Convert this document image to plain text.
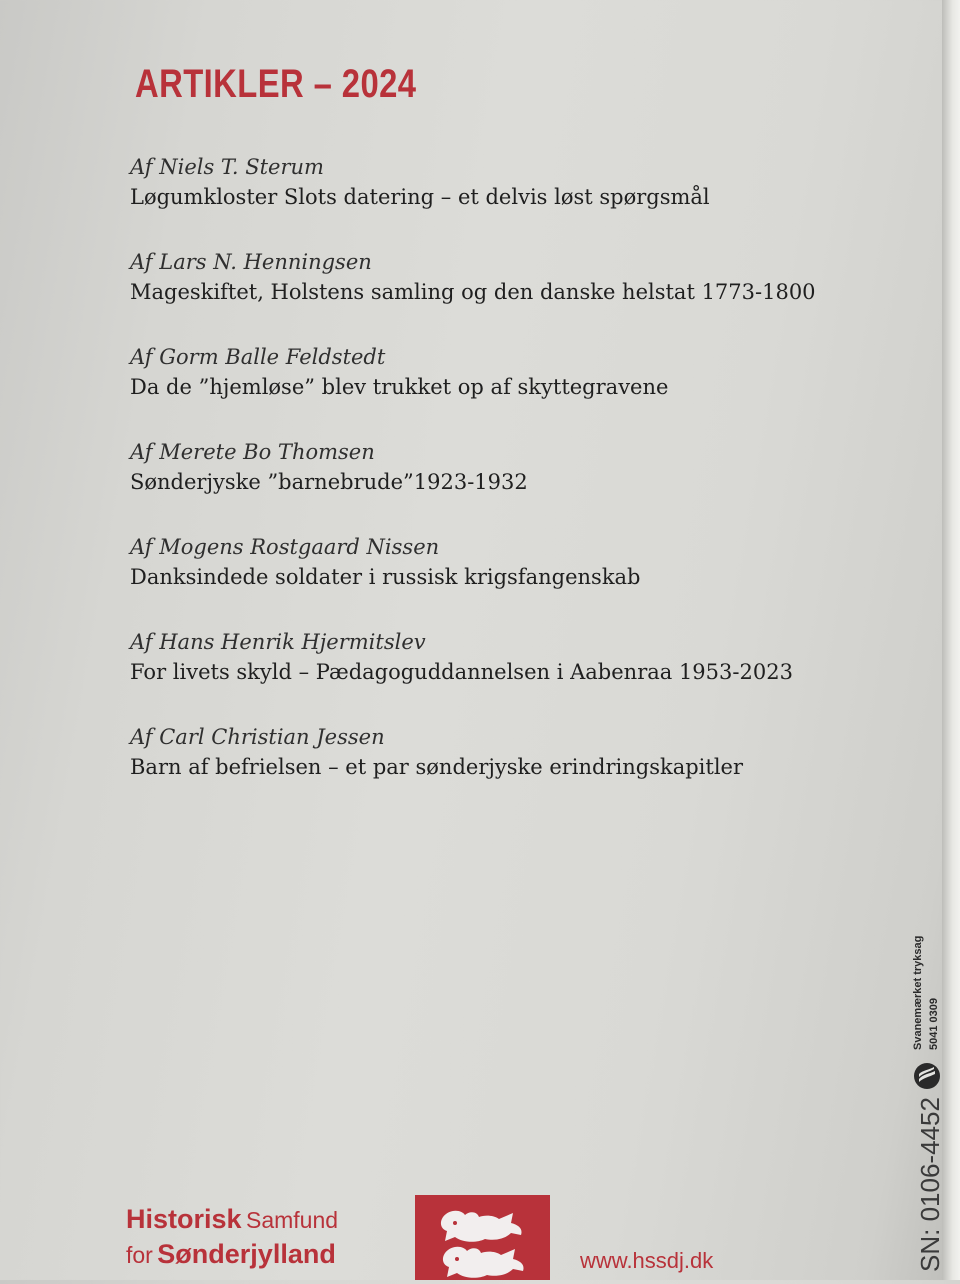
ARTIKLER – 2024
Af Niels T. Sterum
Løgumkloster Slots datering – et delvis løst spørgsmål
Af Lars N. Henningsen
Mageskiftet, Holstens samling og den danske helstat 1773-1800
Af Gorm Balle Feldstedt
Da de ”hjemløse” blev trukket op af skyttegravene
Af Merete Bo Thomsen
Sønderjyske ”barnebrude”1923-1932
Af Mogens Rostgaard Nissen
Danksindede soldater i russisk krigsfangenskab
Af Hans Henrik Hjermitslev
For livets skyld – Pædagoguddannelsen i Aabenraa 1953-2023
Af Carl Christian Jessen
Barn af befrielsen – et par sønderjyske erindringskapitler
Svanemærket tryksag 5041 0309
SN: 0106-4452
Historisk Samfund
for Sønderjylland	www.hssdj.dk
